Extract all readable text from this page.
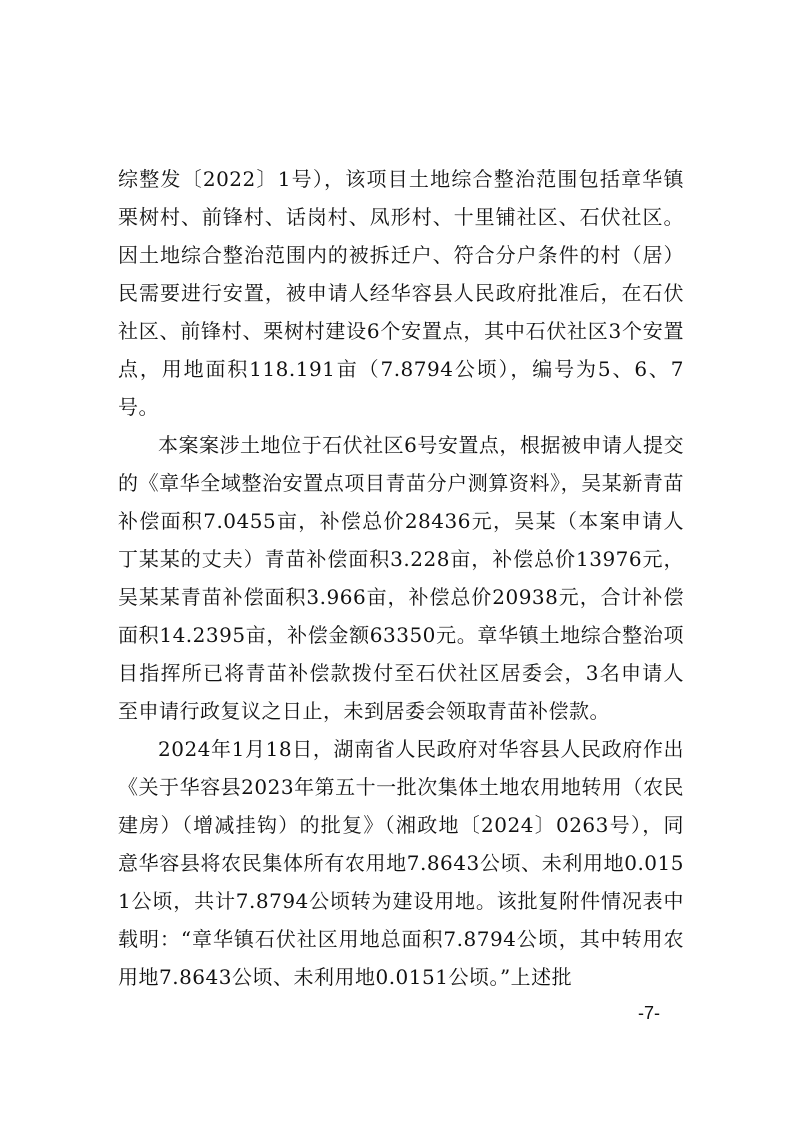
综整发〔2022〕1号），该项目土地综合整治范围包括章华镇栗树村、前锋村、话岗村、凤形村、十里铺社区、石伏社区。因土地综合整治范围内的被拆迁户、符合分户条件的村（居）民需要进行安置，被申请人经华容县人民政府批准后，在石伏社区、前锋村、栗树村建设6个安置点，其中石伏社区3个安置点，用地面积118.191亩（7.8794公顷），编号为5、6、7号。

本案案涉土地位于石伏社区6号安置点，根据被申请人提交的《章华全域整治安置点项目青苗分户测算资料》，吴某新青苗补偿面积7.0455亩，补偿总价28436元，吴某（本案申请人丁某某的丈夫）青苗补偿面积3.228亩，补偿总价13976元，吴某某青苗补偿面积3.966亩，补偿总价20938元，合计补偿面积14.2395亩，补偿金额63350元。章华镇土地综合整治项目指挥所已将青苗补偿款拨付至石伏社区居委会，3名申请人至申请行政复议之日止，未到居委会领取青苗补偿款。

2024年1月18日，湖南省人民政府对华容县人民政府作出《关于华容县2023年第五十一批次集体土地农用地转用（农民建房）（增减挂钩）的批复》（湘政地〔2024〕0263号），同意华容县将农民集体所有农用地7.8643公顷、未利用地0.0151公顷，共计7.8794公顷转为建设用地。该批复附件情况表中载明：“章华镇石伏社区用地总面积7.8794公顷，其中转用农用地7.8643公顷、未利用地0.0151公顷。”上述批

-7-
